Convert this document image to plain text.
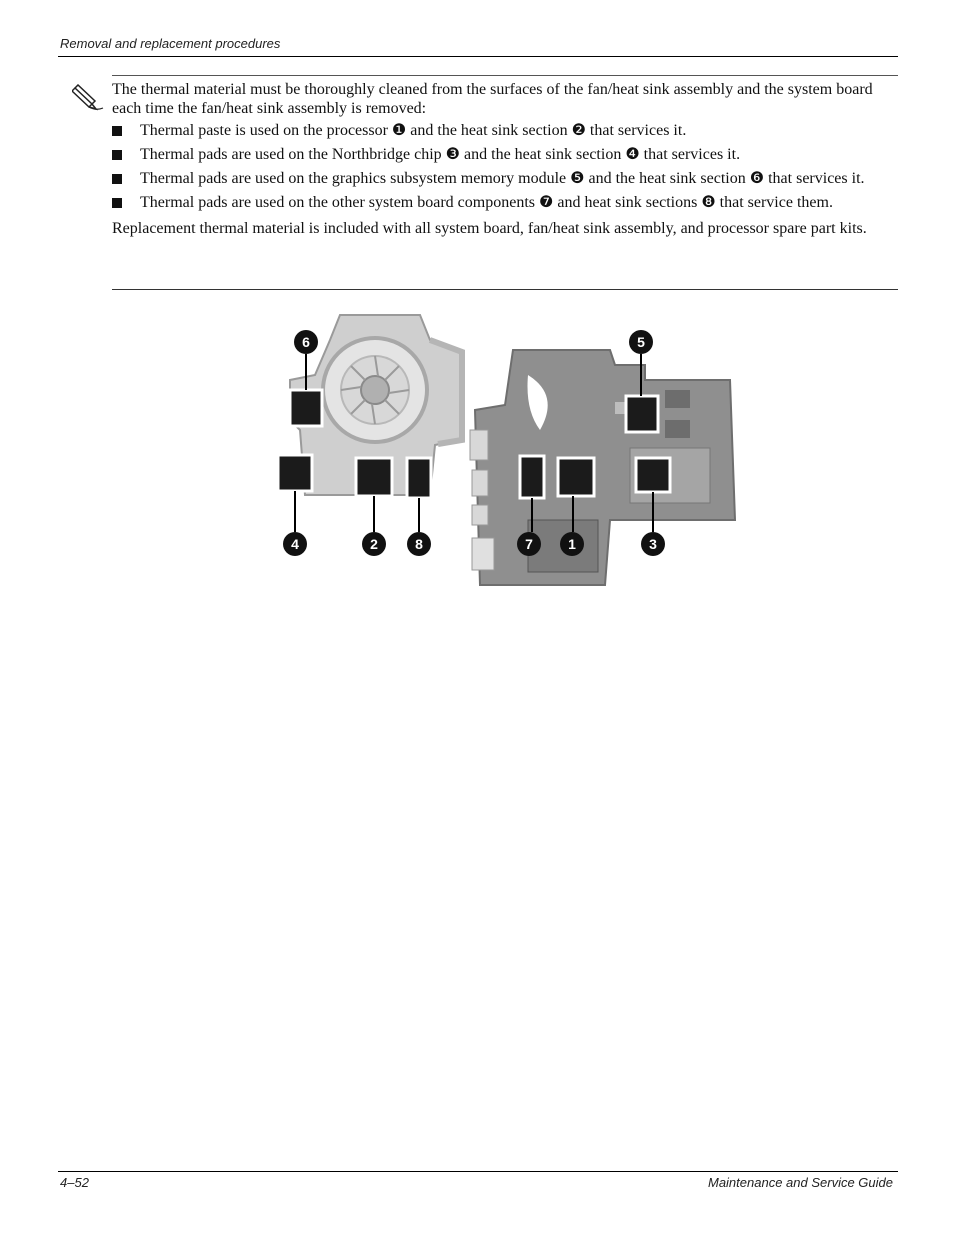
Removal and replacement procedures

The thermal material must be thoroughly cleaned from the surfaces of the fan/heat sink assembly and the system board each time the fan/heat sink assembly is removed:

Thermal paste is used on the processor ❶ and the heat sink section ❷ that services it.
Thermal pads are used on the Northbridge chip ❸ and the heat sink section ❹ that services it.
Thermal pads are used on the graphics subsystem memory module ❺ and the heat sink section ❻ that services it.
Thermal pads are used on the other system board components ❼ and heat sink sections ❽ that service them.

Replacement thermal material is included with all system board, fan/heat sink assembly, and processor spare part kits.

6	5
4	2	8	7	1	3
4–52	Maintenance and Service Guide
